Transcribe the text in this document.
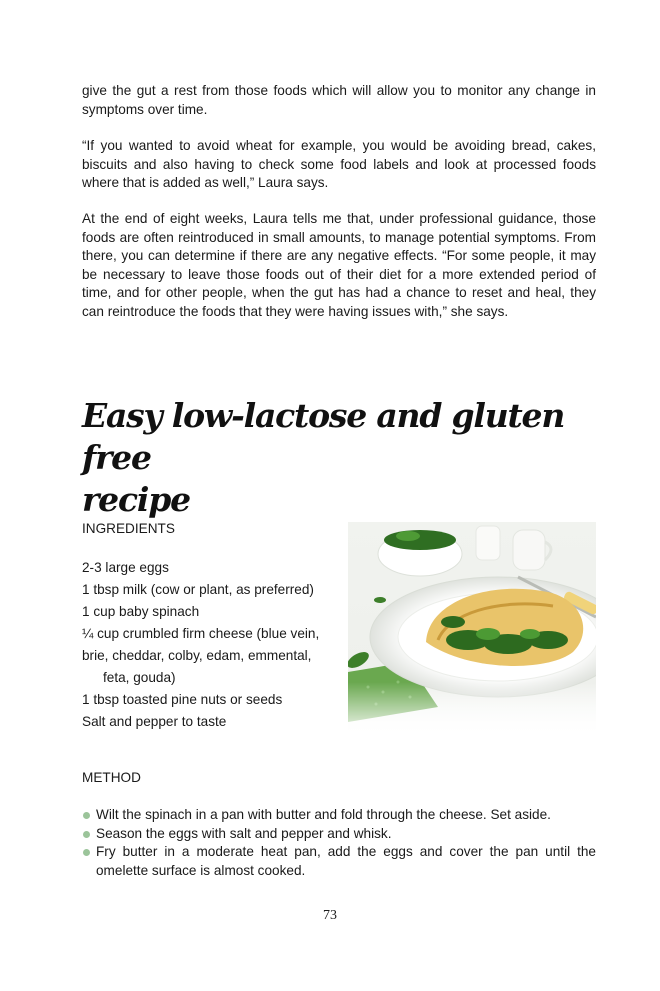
give the gut a rest from those foods which will allow you to monitor any change in symptoms over time.

“If you wanted to avoid wheat for example, you would be avoiding bread, cakes, biscuits and also having to check some food labels and look at processed foods where that is added as well,” Laura says.

At the end of eight weeks, Laura tells me that, under professional guidance, those foods are often reintroduced in small amounts, to manage potential symptoms. From there, you can determine if there are any negative effects. “For some people, it may be necessary to leave those foods out of their diet for a more extended period of time, and for other people, when the gut has had a chance to reset and heal, they can reintroduce the foods that they were having issues with,” she says.

Easy low-lactose and gluten free
recipe

INGREDIENTS

2-3 large eggs
1 tbsp milk (cow or plant, as preferred)
1 cup baby spinach
¼ cup crumbled firm cheese (blue vein,
brie, cheddar, colby, edam, emmental,
feta, gouda)
1 tbsp toasted pine nuts or seeds
Salt and pepper to taste

METHOD

Wilt the spinach in a pan with butter and fold through the cheese. Set aside.
Season the eggs with salt and pepper and whisk.
Fry butter in a moderate heat pan, add the eggs and cover the pan until the omelette surface is almost cooked.
73
